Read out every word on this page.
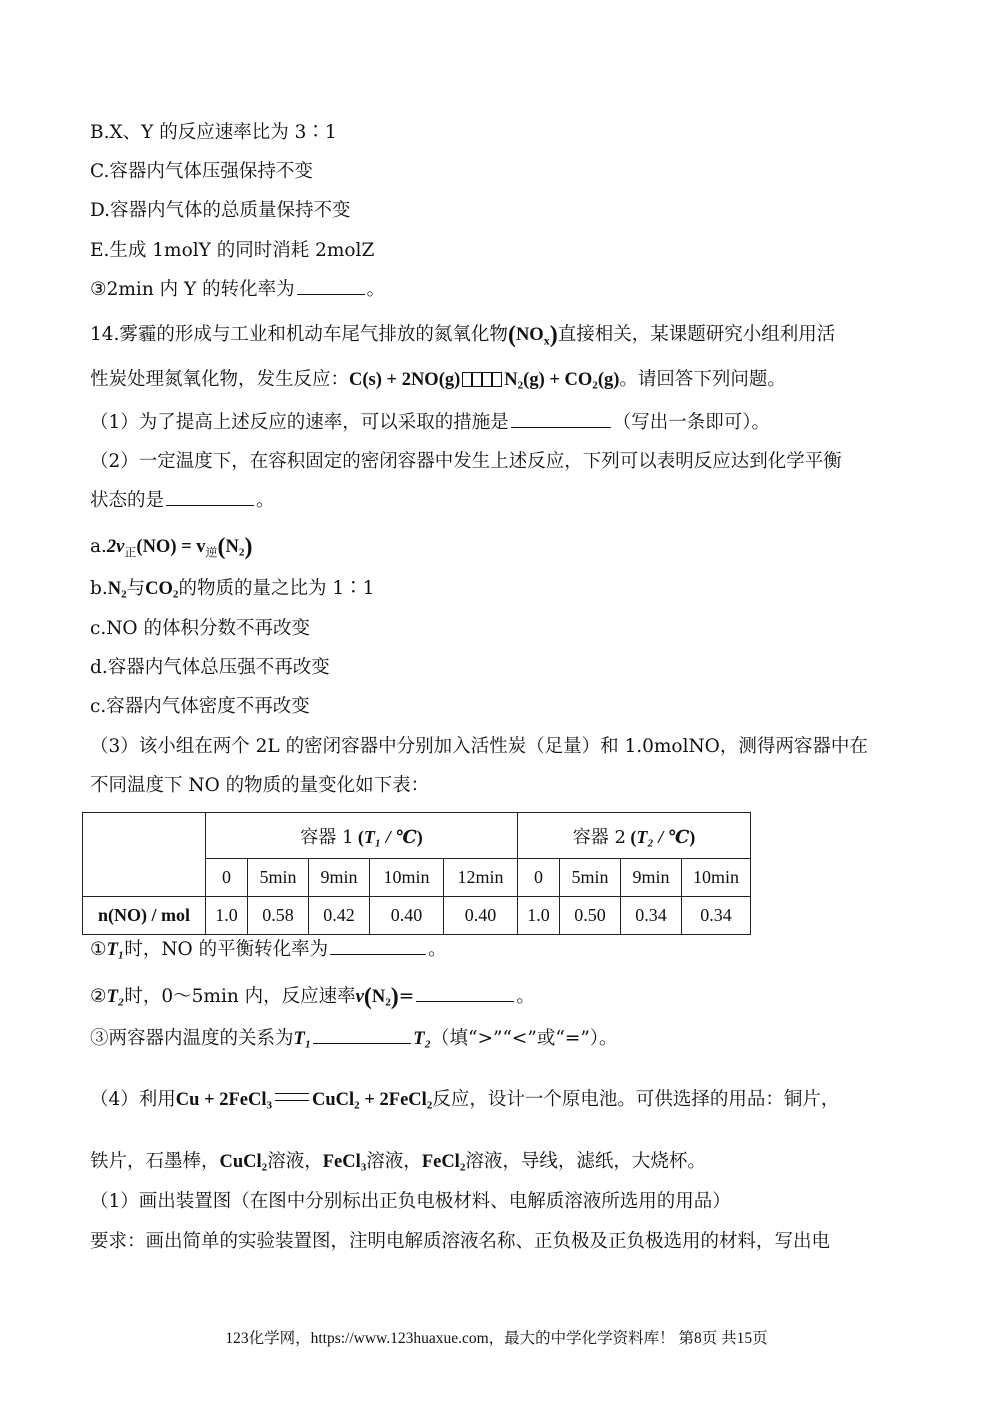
B.X、Y 的反应速率比为 3∶1
C.容器内气体压强保持不变
D.容器内气体的总质量保持不变
E.生成 1molY 的同时消耗 2molZ
③2min 内 Y 的转化率为	。
14.雾霾的形成与工业和机动车尾气排放的氮氧化物$(NO_x)$直接相关，某课题研究小组利用活
性炭处理氮氧化物，发生反应：C(s) + 2NO(g) N₂(g) + CO₂(g)。请回答下列问题。
（1）为了提高上述反应的速率，可以采取的措施是	（写出一条即可）。
（2）一定温度下，在容积固定的密闭容器中发生上述反应，下列可以表明反应达到化学平衡
状态的是	。
$a.2v_正(NO) = v_逆(N_2)$
b.N₂与CO₂的物质的量之比为 1∶1
c.NO 的体积分数不再改变
d.容器内气体总压强不再改变
c.容器内气体密度不再改变
（3）该小组在两个 2L 的密闭容器中分别加入活性炭（足量）和 1.0molNO，测得两容器中在
不同温度下 NO 的物质的量变化如下表：
	容器 1 (T₁ / ℃)					容器 2 (T₂ / ℃)			
	0	5min	9min	10min	12min	0	5min	9min	10min
n(NO) / mol	1.0	0.58	0.42	0.40	0.40	1.0	0.50	0.34	0.34
①T₁时，NO 的平衡转化率为	。
②T₂时，0～5min 内，反应速率v(N₂)=	。
③两容器内温度的关系为T₁	T₂（填“>”“<”或“=”）。
（4）利用Cu + 2FeCl₃ CuCl₂ + 2FeCl₂反应，设计一个原电池。可供选择的用品：铜片，
铁片，石墨棒，CuCl₂溶液，FeCl₃溶液，FeCl₂溶液，导线，滤纸，大烧杯。
（1）画出装置图（在图中分别标出正负电极材料、电解质溶液所选用的用品）
要求：画出简单的实验装置图，注明电解质溶液名称、正负极及正负极选用的材料，写出电
123化学网，https://www.123huaxue.com，最大的中学化学资料库！ 第8页 共15页
